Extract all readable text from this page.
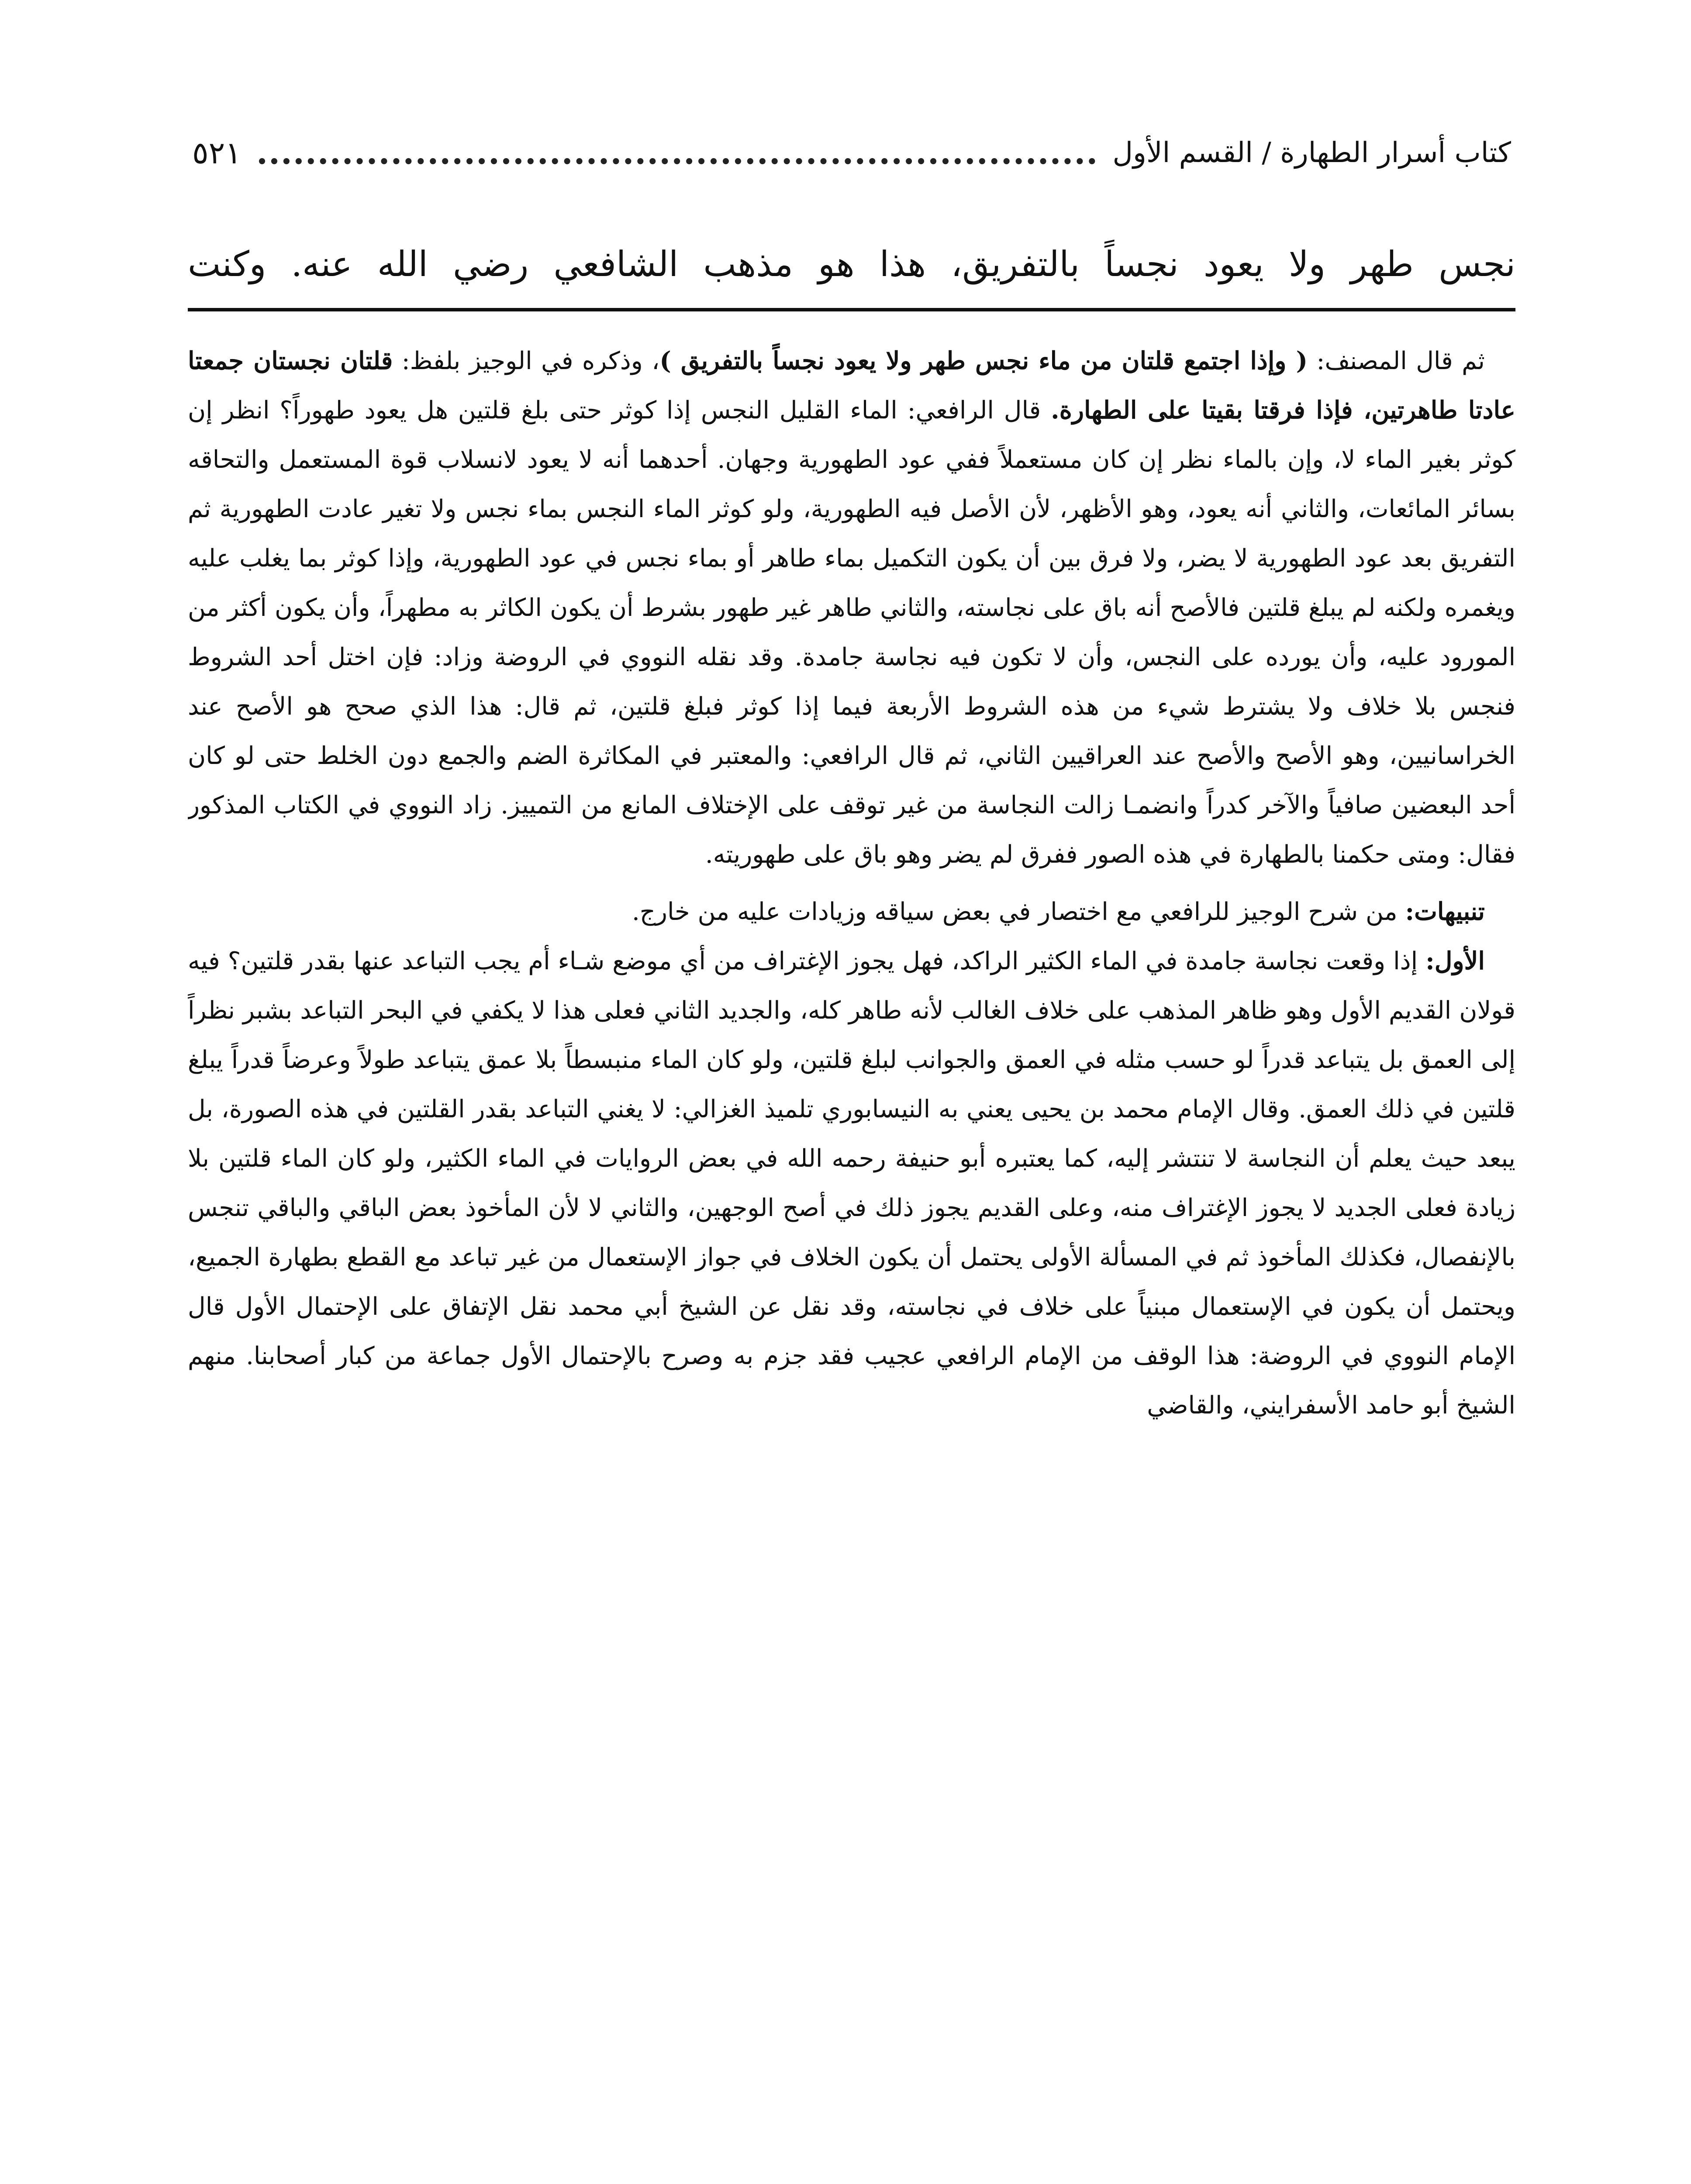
كتاب أسرار الطهارة / القسم الأول
٥٢١
نجس طهر ولا يعود نجساً بالتفريق، هذا هو مذهب الشافعي رضي الله عنه. وكنت

ثم قال المصنف: ( وإذا اجتمع قلتان من ماء نجس طهر ولا يعود نجساً بالتفريق )، وذكره في الوجيز بلفظ: قلتان نجستان جمعتا عادتا طاهرتين، فإذا فرقتا بقيتا على الطهارة. قال الرافعي: الماء القليل النجس إذا كوثر حتى بلغ قلتين هل يعود طهوراً؟ انظر إن كوثر بغير الماء لا، وإن بالماء نظر إن كان مستعملاً ففي عود الطهورية وجهان. أحدهما أنه لا يعود لانسلاب قوة المستعمل والتحاقه بسائر المائعات، والثاني أنه يعود، وهو الأظهر، لأن الأصل فيه الطهورية، ولو كوثر الماء النجس بماء نجس ولا تغير عادت الطهورية ثم التفريق بعد عود الطهورية لا يضر، ولا فرق بين أن يكون التكميل بماء طاهر أو بماء نجس في عود الطهورية، وإذا كوثر بما يغلب عليه ويغمره ولكنه لم يبلغ قلتين فالأصح أنه باق على نجاسته، والثاني طاهر غير طهور بشرط أن يكون الكاثر به مطهراً، وأن يكون أكثر من المورود عليه، وأن يورده على النجس، وأن لا تكون فيه نجاسة جامدة. وقد نقله النووي في الروضة وزاد: فإن اختل أحد الشروط فنجس بلا خلاف ولا يشترط شيء من هذه الشروط الأربعة فيما إذا كوثر فبلغ قلتين، ثم قال: هذا الذي صحح هو الأصح عند الخراسانيين، وهو الأصح والأصح عند العراقيين الثاني، ثم قال الرافعي: والمعتبر في المكاثرة الضم والجمع دون الخلط حتى لو كان أحد البعضين صافياً والآخر كدراً وانضمـا زالت النجاسة من غير توقف على الإختلاف المانع من التمييز. زاد النووي في الكتاب المذكور فقال: ومتى حكمنا بالطهارة في هذه الصور ففرق لم يضر وهو باق على طهوريته.

تنبيهات: من شرح الوجيز للرافعي مع اختصار في بعض سياقه وزيادات عليه من خارج.

الأول: إذا وقعت نجاسة جامدة في الماء الكثير الراكد، فهل يجوز الإغتراف من أي موضع شـاء أم يجب التباعد عنها بقدر قلتين؟ فيه قولان القديم الأول وهو ظاهر المذهب على خلاف الغالب لأنه طاهر كله، والجديد الثاني فعلى هذا لا يكفي في البحر التباعد بشبر نظراً إلى العمق بل يتباعد قدراً لو حسب مثله في العمق والجوانب لبلغ قلتين، ولو كان الماء منبسطاً بلا عمق يتباعد طولاً وعرضاً قدراً يبلغ قلتين في ذلك العمق. وقال الإمام محمد بن يحيى يعني به النيسابوري تلميذ الغزالي: لا يغني التباعد بقدر القلتين في هذه الصورة، بل يبعد حيث يعلم أن النجاسة لا تنتشر إليه، كما يعتبره أبو حنيفة رحمه الله في بعض الروايات في الماء الكثير، ولو كان الماء قلتين بلا زيادة فعلى الجديد لا يجوز الإغتراف منه، وعلى القديم يجوز ذلك في أصح الوجهين، والثاني لا لأن المأخوذ بعض الباقي والباقي تنجس بالإنفصال، فكذلك المأخوذ ثم في المسألة الأولى يحتمل أن يكون الخلاف في جواز الإستعمال من غير تباعد مع القطع بطهارة الجميع، ويحتمل أن يكون في الإستعمال مبنياً على خلاف في نجاسته، وقد نقل عن الشيخ أبي محمد نقل الإتفاق على الإحتمال الأول قال الإمام النووي في الروضة: هذا الوقف من الإمام الرافعي عجيب فقد جزم به وصرح بالإحتمال الأول جماعة من كبار أصحابنا. منهم الشيخ أبو حامد الأسفرايني، والقاضي
